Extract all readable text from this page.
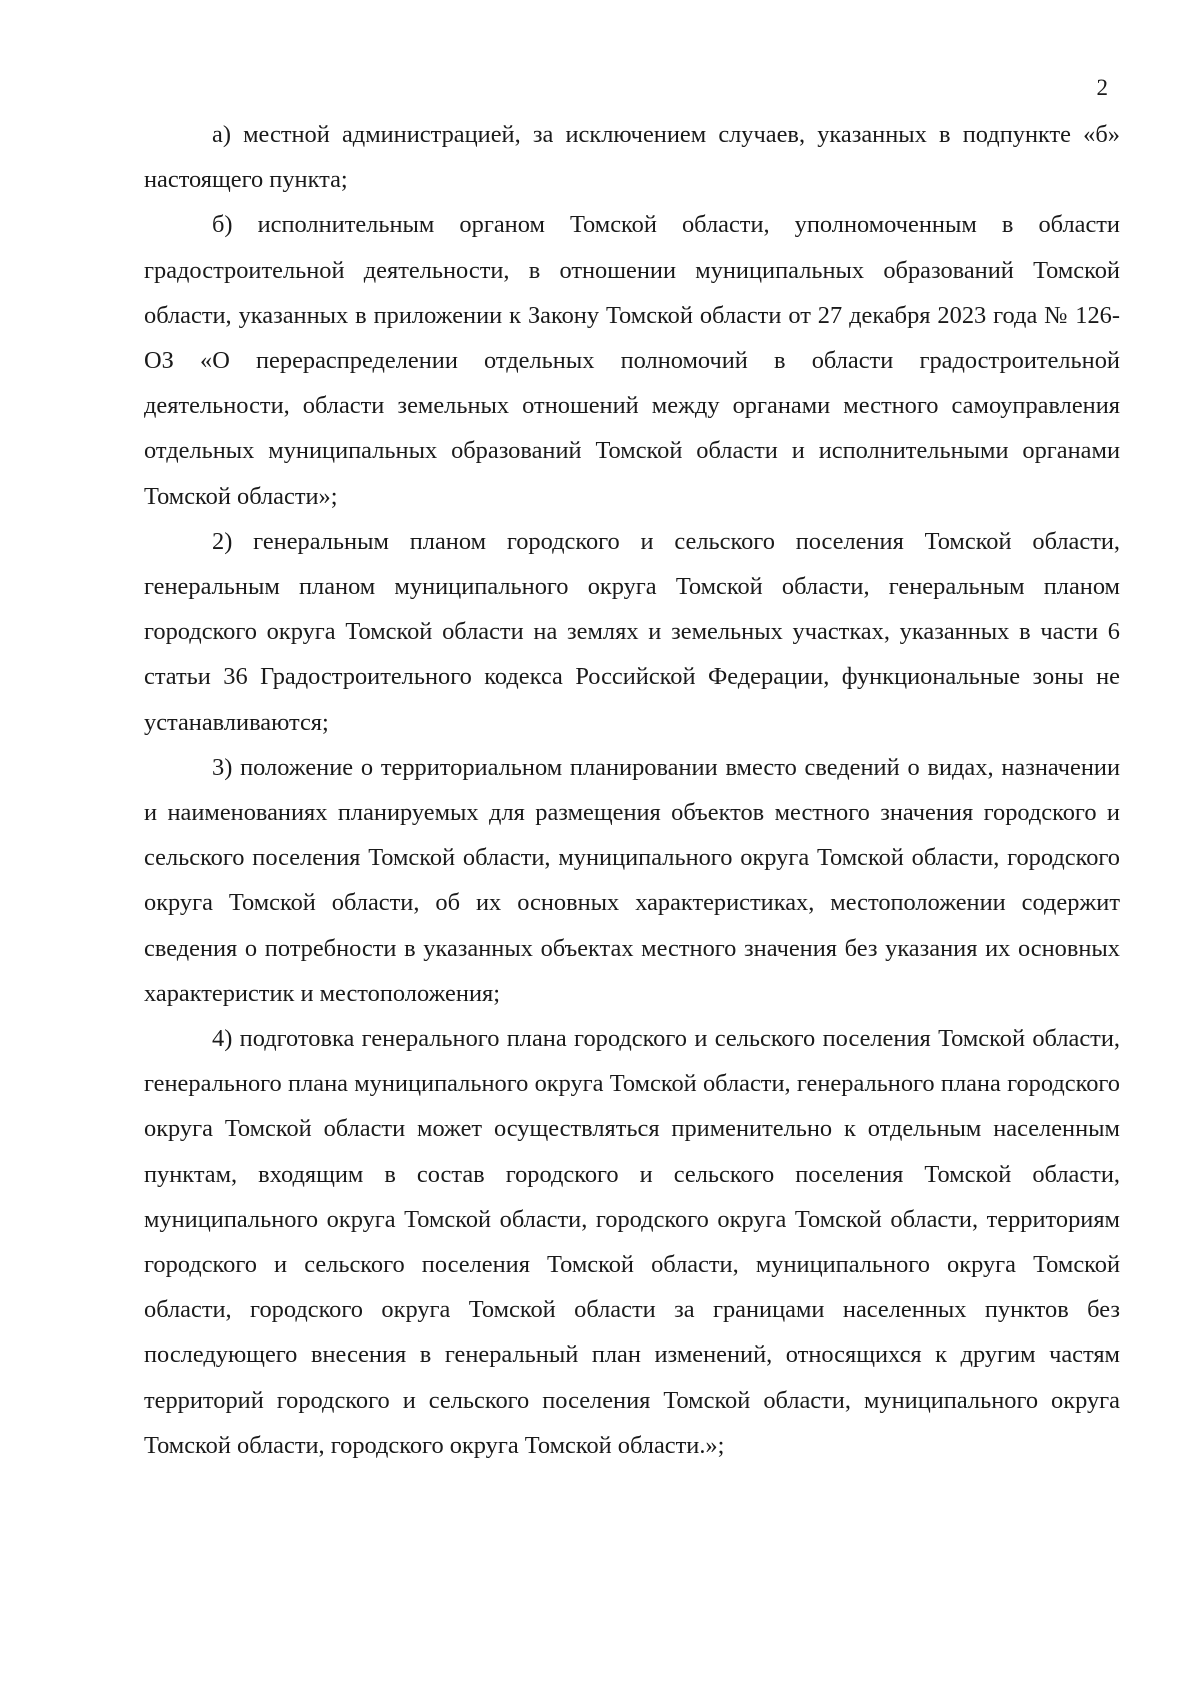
2

а) местной администрацией, за исключением случаев, указанных в подпункте «б» настоящего пункта;

б) исполнительным органом Томской области, уполномоченным в области градостроительной деятельности, в отношении муниципальных образований Томской области, указанных в приложении к Закону Томской области от 27 декабря 2023 года № 126-ОЗ «О перераспределении отдельных полномочий в области градостроительной деятельности, области земельных отношений между органами местного самоуправления отдельных муниципальных образований Томской области и исполнительными органами Томской области»;

2) генеральным планом городского и сельского поселения Томской области, генеральным планом муниципального округа Томской области, генеральным планом городского округа Томской области на землях и земельных участках, указанных в части 6 статьи 36 Градостроительного кодекса Российской Федерации, функциональные зоны не устанавливаются;

3) положение о территориальном планировании вместо сведений о видах, назначении и наименованиях планируемых для размещения объектов местного значения городского и сельского поселения Томской области, муниципального округа Томской области, городского округа Томской области, об их основных характеристиках, местоположении содержит сведения о потребности в указанных объектах местного значения без указания их основных характеристик и местоположения;

4) подготовка генерального плана городского и сельского поселения Томской области, генерального плана муниципального округа Томской области, генерального плана городского округа Томской области может осуществляться применительно к отдельным населенным пунктам, входящим в состав городского и сельского поселения Томской области, муниципального округа Томской области, городского округа Томской области, территориям городского и сельского поселения Томской области, муниципального округа Томской области, городского округа Томской области за границами населенных пунктов без последующего внесения в генеральный план изменений, относящихся к другим частям территорий городского и сельского поселения Томской области, муниципального округа Томской области, городского округа Томской области.»;
